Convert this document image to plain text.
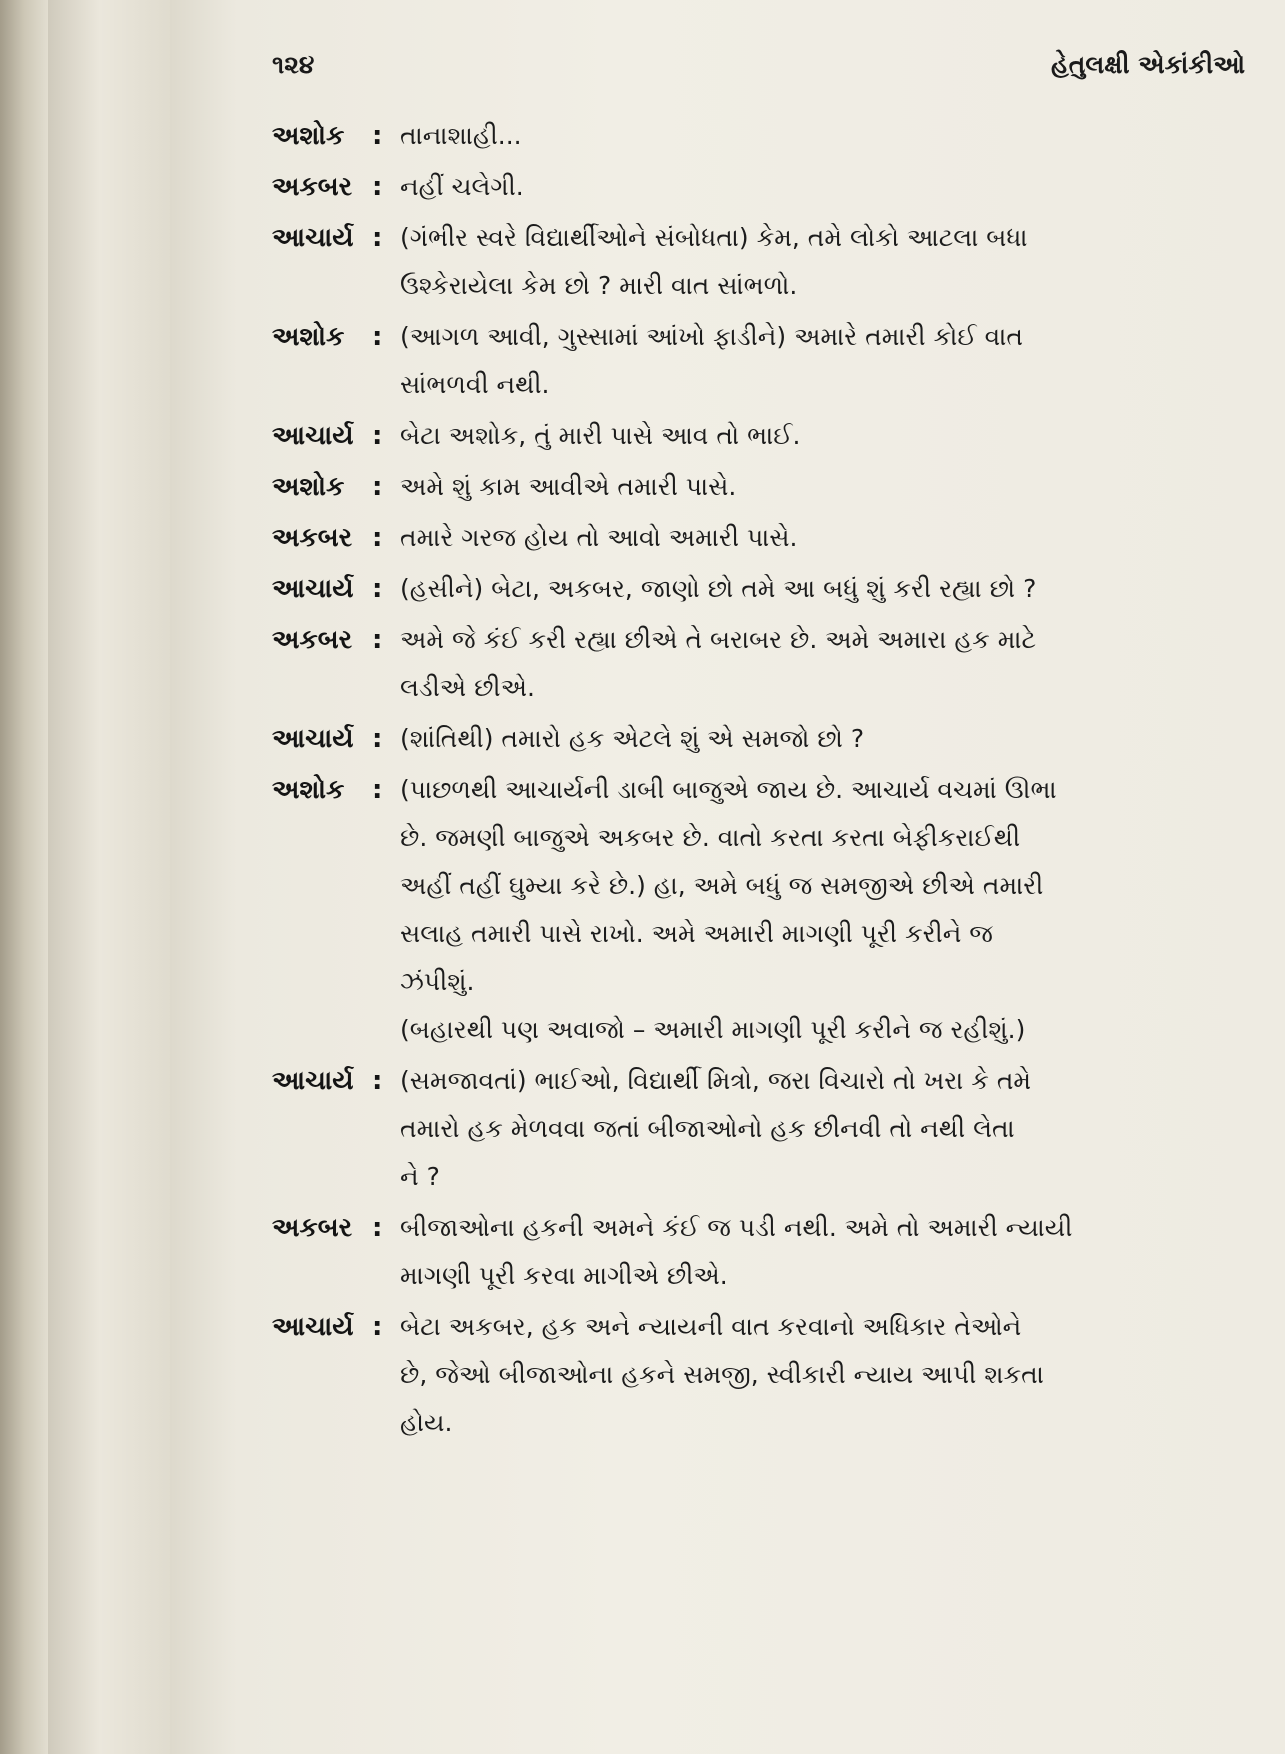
૧૨૪	હેતુલક્ષી એકાંકીઓ
અશોક	: તાનાશાહી...
અકબર : નહીં ચલેગી.
આચાર્ય : (ગંભીર સ્વરે વિદ્યાર્થીઓને સંબોધતા) કેમ, તમે લોકો આટલા બધા
ઉશ્કેરાયેલા કેમ છો ? મારી વાત સાંભળો.
અશોક	: (આગળ આવી, ગુસ્સામાં આંખો ફાડીને) અમારે તમારી કોઈ વાત
સાંભળવી નથી.
આચાર્ય : બેટા અશોક, તું મારી પાસે આવ તો ભાઈ.
અશોક	: અમે શું કામ આવીએ તમારી પાસે.
અકબર : તમારે ગરજ હોય તો આવો અમારી પાસે.
આચાર્ય : (હસીને) બેટા, અકબર, જાણો છો તમે આ બધું શું કરી રહ્યા છો ?
અકબર : અમે જે કંઈ કરી રહ્યા છીએ તે બરાબર છે. અમે અમારા હક માટે
લડીએ છીએ.
આચાર્ય : (શાંતિથી) તમારો હક એટલે શું એ સમજો છો ?
અશોક	: (પાછળથી આચાર્યની ડાબી બાજુએ જાય છે. આચાર્ય વચમાં ઊભા
છે. જમણી બાજુએ અકબર છે. વાતો કરતા કરતા બેફીકરાઈથી
અહીં તહીં ઘુમ્યા કરે છે.) હા, અમે બધું જ સમજીએ છીએ તમારી
સલાહ તમારી પાસે રાખો. અમે અમારી માગણી પૂરી કરીને જ
ઝંપીશું.
(બહારથી પણ અવાજો – અમારી માગણી પૂરી કરીને જ રહીશું.)
આચાર્ય : (સમજાવતાં) ભાઈઓ, વિદ્યાર્થી મિત્રો, જરા વિચારો તો ખરા કે તમે
તમારો હક મેળવવા જતાં બીજાઓનો હક છીનવી તો નથી લેતા
ને ?
અકબર : બીજાઓના હકની અમને કંઈ જ પડી નથી. અમે તો અમારી ન્યાયી
માગણી પૂરી કરવા માગીએ છીએ.
આચાર્ય : બેટા અકબર, હક અને ન્યાયની વાત કરવાનો અધિકાર તેઓને
છે, જેઓ બીજાઓના હકને સમજી, સ્વીકારી ન્યાય આપી શકતા
હોય.
